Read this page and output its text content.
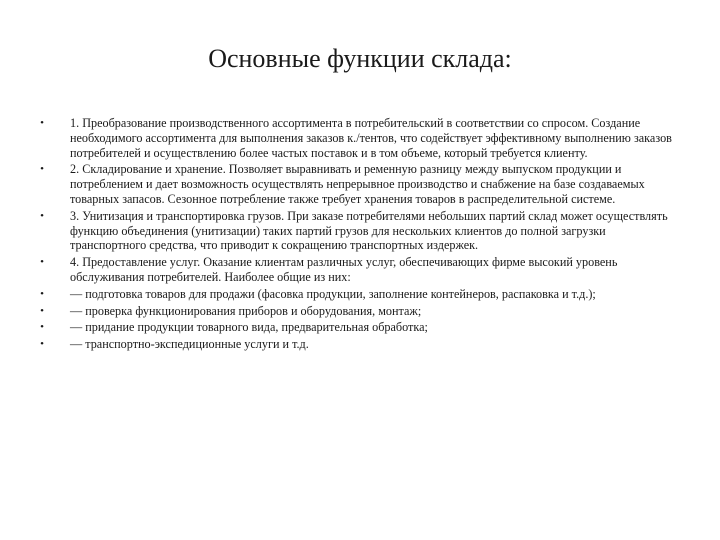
Основные функции склада:
•	1. Преобразование производственного ассортимента в потребительский в соответствии со спросом. Создание необходимого ассортимента для выполнения заказов к./тентов, что содействует эффективному выполнению заказов потребителей и осуществлению более частых поставок и в том объеме, который требуется клиенту.
•	2. Складирование и хранение. Позволяет выравнивать и ременную разницу между выпуском продукции и потреблением и дает возможность осуществлять непрерывное производство и снабжение на базе создаваемых товарных запасов. Сезонное потребление также требует хранения товаров в распределительной системе.
•	3. Унитизация и транспортировка грузов. При заказе потребителями небольших партий склад может осуществлять функцию объединения (унитизации) таких партий грузов для нескольких клиентов до полной загрузки транспортного средства, что приводит к сокращению транспортных издержек.
•	4. Предоставление услуг. Оказание клиентам различных услуг, обеспечивающих фирме высокий уровень обслуживания потребителей. Наиболее общие из них:
•	— подготовка товаров для продажи (фасовка продукции, заполнение контейнеров, распаковка и т.д.);
•	— проверка функционирования приборов и оборудования, монтаж;
•	— придание продукции товарного вида, предварительная обработка;
•	— транспортно-экспедиционные услуги и т.д.
